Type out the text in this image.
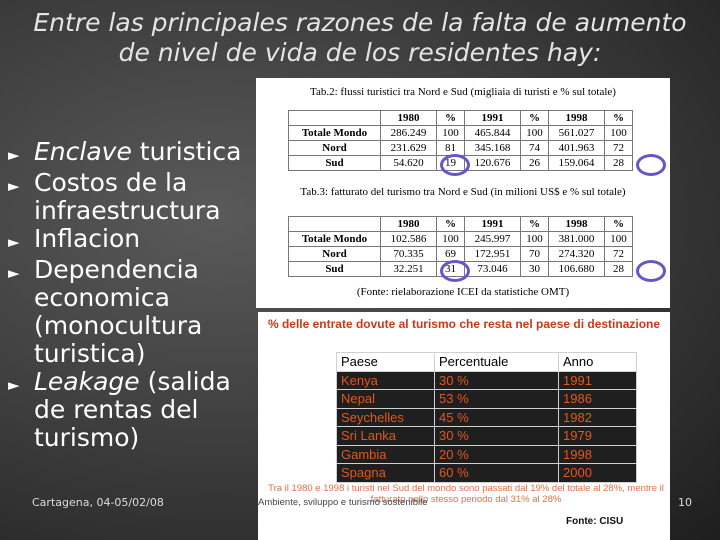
Entre las principales razones de la falta de aumento de nivel de vida de los residentes hay:
► Enclave turistica
► Costos de la infraestructura
► Inflacion
► Dependencia economica (monocultura turistica)
► Leakage (salida de rentas del turismo)
Cartagena, 04-05/02/08	10
Tab.2: flussi turistici tra Nord e Sud (migliaia di turisti e % sul totale)
	1980	%	1991	%	1998	%
Totale Mondo	286.249	100	465.844	100	561.027	100
Nord	231.629	81	345.168	74	401.963	72
Sud	54.620	19	120.676	26	159.064	28
Tab.3: fatturato del turismo tra Nord e Sud (in milioni US$ e % sul totale)
	1980	%	1991	%	1998	%
Totale Mondo	102.586	100	245.997	100	381.000	100
Nord	70.335	69	172.951	70	274.320	72
Sud	32.251	31	73.046	30	106.680	28
(Fonte: rielaborazione ICEI da statistiche OMT)
% delle entrate dovute al turismo che resta nel paese di destinazione
Paese	Percentuale	Anno
Kenya	30 %	1991
Nepal	53 %	1986
Seychelles	45 %	1982
Sri Lanka	30 %	1979
Gambia	20 %	1998
Spagna	60 %	2000
Tra il 1980 e 1998 i turisti nel Sud del mondo sono passati dal 19% del totale al 28%, mentre il fatturato nello stesso periodo dal 31% al 28%
Ambiente, sviluppo e turismo sostenibile
Fonte: CISU
